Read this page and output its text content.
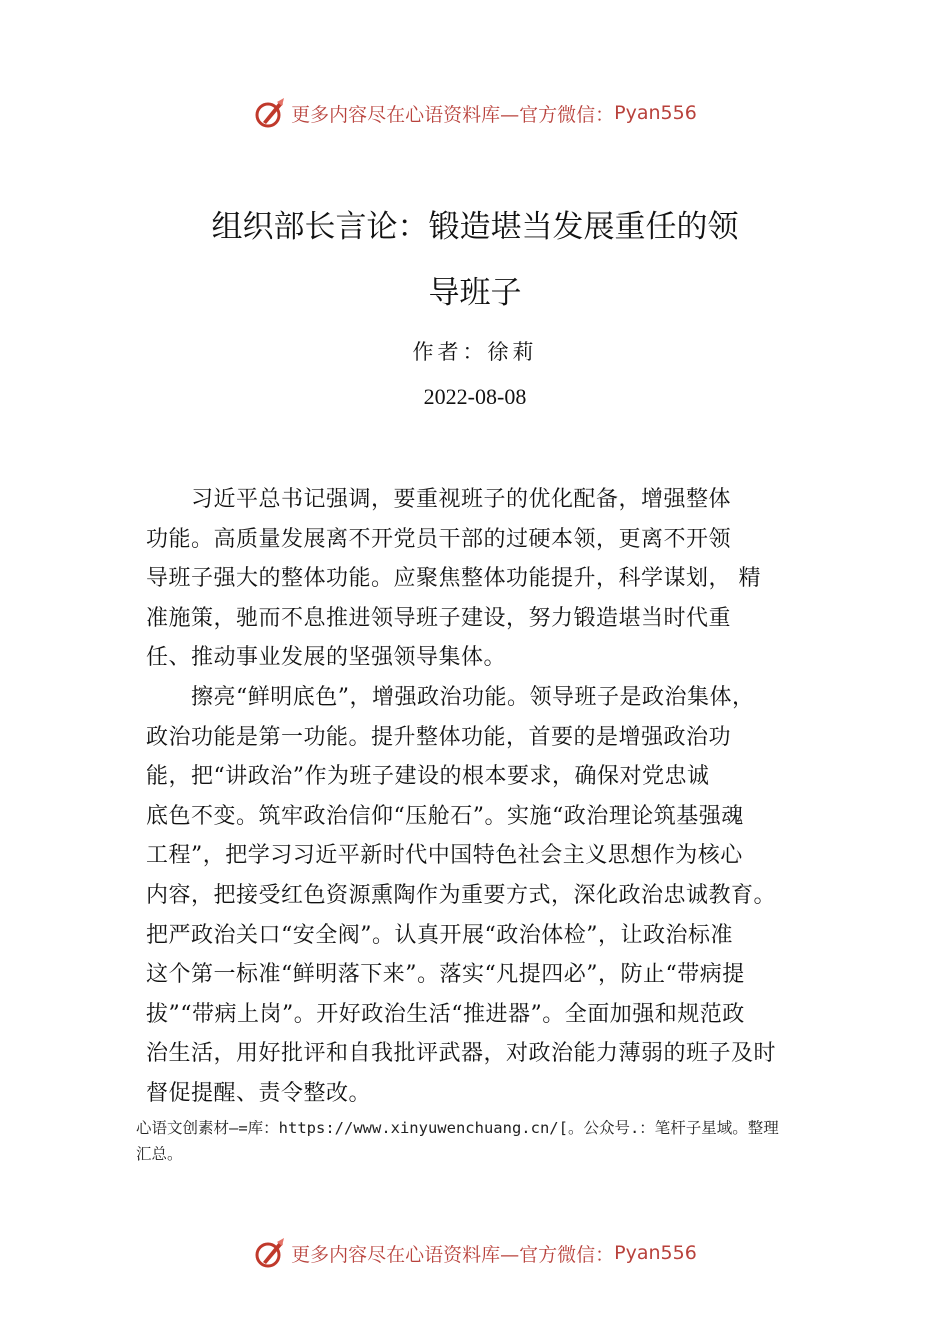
更多内容尽在心语资料库—官方微信： Pyan556
组织部长言论：锻造堪当发展重任的领
导班子
作者：徐莉
2022-08-08
　　习近平总书记强调，要重视班子的优化配备，增强整体
功能。高质量发展离不开党员干部的过硬本领，更离不开领
导班子强大的整体功能。应聚焦整体功能提升，科学谋划， 精
准施策，驰而不息推进领导班子建设，努力锻造堪当时代重
任、推动事业发展的坚强领导集体。
　　擦亮“鲜明底色”，增强政治功能。领导班子是政治集体，
政治功能是第一功能。提升整体功能，首要的是增强政治功
能，把“讲政治”作为班子建设的根本要求，确保对党忠诚
底色不变。筑牢政治信仰“压舱石”。实施“政治理论筑基强魂
工程”，把学习习近平新时代中国特色社会主义思想作为核心
内容，把接受红色资源熏陶作为重要方式，深化政治忠诚教育。
把严政治关口“安全阀”。认真开展“政治体检”，让政治标准
这个第一标准“鲜明落下来”。落实“凡提四必”，防止“带病提
拔”“带病上岗”。开好政治生活“推进器”。全面加强和规范政
治生活，用好批评和自我批评武器，对政治能力薄弱的班子及时
督促提醒、责令整改。
心语文创素材—=库：https://www.xinyuwenchuang.cn/[。公众号.：笔杆子星域。整理
汇总。
更多内容尽在心语资料库—官方微信： Pyan556
